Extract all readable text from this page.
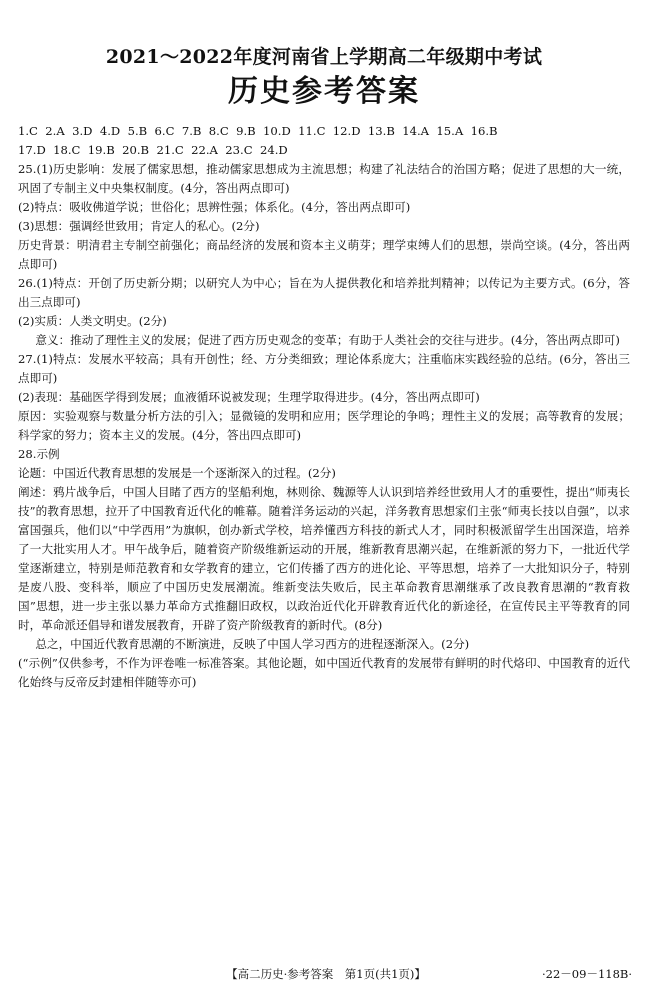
2021～2022年度河南省上学期高二年级期中考试
历史参考答案

1.C  2.A  3.D  4.D  5.B  6.C  7.B  8.C  9.B  10.D  11.C  12.D  13.B  14.A  15.A  16.B

17.D  18.C  19.B  20.B  21.C  22.A  23.C  24.D

25.(1)历史影响：发展了儒家思想，推动儒家思想成为主流思想；构建了礼法结合的治国方略；促进了思想的大一统，巩固了专制主义中央集权制度。(4分，答出两点即可)

(2)特点：吸收佛道学说；世俗化；思辨性强；体系化。(4分，答出两点即可)

(3)思想：强调经世致用；肯定人的私心。(2分)

历史背景：明清君主专制空前强化；商品经济的发展和资本主义萌芽；理学束缚人们的思想，崇尚空谈。(4分，答出两点即可)

26.(1)特点：开创了历史新分期；以研究人为中心；旨在为人提供教化和培养批判精神；以传记为主要方式。(6分，答出三点即可)

(2)实质：人类文明史。(2分)

意义：推动了理性主义的发展；促进了西方历史观念的变革；有助于人类社会的交往与进步。(4分，答出两点即可)

27.(1)特点：发展水平较高；具有开创性；经、方分类细致；理论体系庞大；注重临床实践经验的总结。(6分，答出三点即可)

(2)表现：基础医学得到发展；血液循环说被发现；生理学取得进步。(4分，答出两点即可)

原因：实验观察与数量分析方法的引入；显微镜的发明和应用；医学理论的争鸣；理性主义的发展；高等教育的发展；科学家的努力；资本主义的发展。(4分，答出四点即可)

28.示例

论题：中国近代教育思想的发展是一个逐渐深入的过程。(2分)

阐述：鸦片战争后，中国人目睹了西方的坚船利炮，林则徐、魏源等人认识到培养经世致用人才的重要性，提出“师夷长技”的教育思想，拉开了中国教育近代化的帷幕。随着洋务运动的兴起，洋务教育思想家们主张“师夷长技以自强”，以求富国强兵，他们以“中学西用”为旗帜，创办新式学校，培养懂西方科技的新式人才，同时积极派留学生出国深造，培养了一大批实用人才。甲午战争后，随着资产阶级维新运动的开展，维新教育思潮兴起，在维新派的努力下，一批近代学堂逐渐建立，特别是师范教育和女学教育的建立，它们传播了西方的进化论、平等思想，培养了一大批知识分子，特别是废八股、变科举，顺应了中国历史发展潮流。维新变法失败后，民主革命教育思潮继承了改良教育思潮的“教育救国”思想，进一步主张以暴力革命方式推翻旧政权，以政治近代化开辟教育近代化的新途径，在宣传民主平等教育的同时，革命派还倡导和谱发展教育，开辟了资产阶级教育的新时代。(8分)

总之，中国近代教育思潮的不断演进，反映了中国人学习西方的进程逐渐深入。(2分)

(“示例”仅供参考，不作为评卷唯一标准答案。其他论题，如中国近代教育的发展带有鲜明的时代烙印、中国教育的近代化始终与反帝反封建相伴随等亦可)

【高二历史·参考答案　第1页(共1页)】	·22－09－118B·
